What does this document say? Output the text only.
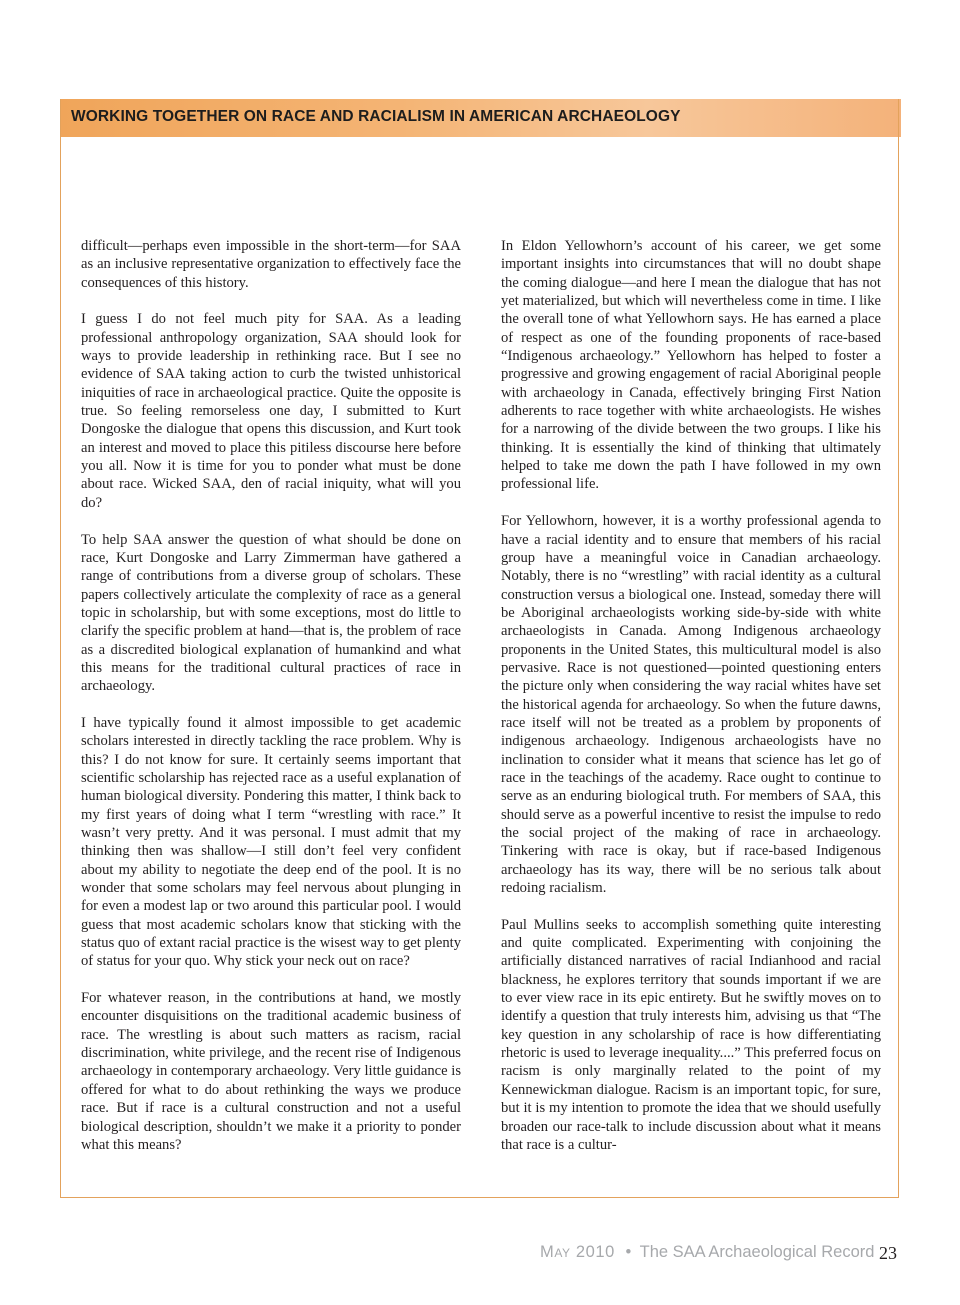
WORKING TOGETHER ON RACE AND RACIALISM IN AMERICAN ARCHAEOLOGY

difficult—perhaps even impossible in the short-term—for SAA as an inclusive representative organization to effectively face the consequences of this history.

I guess I do not feel much pity for SAA. As a leading professional anthropology organization, SAA should look for ways to provide leadership in rethinking race. But I see no evidence of SAA taking action to curb the twisted unhistorical iniquities of race in archaeological practice. Quite the opposite is true. So feeling remorseless one day, I submitted to Kurt Dongoske the dialogue that opens this discussion, and Kurt took an interest and moved to place this pitiless discourse here before you all. Now it is time for you to ponder what must be done about race. Wicked SAA, den of racial iniquity, what will you do?

To help SAA answer the question of what should be done on race, Kurt Dongoske and Larry Zimmerman have gathered a range of contributions from a diverse group of scholars. These papers collectively articulate the complexity of race as a general topic in scholarship, but with some exceptions, most do little to clarify the specific problem at hand—that is, the problem of race as a discredited biological explanation of humankind and what this means for the traditional cultural practices of race in archaeology.

I have typically found it almost impossible to get academic scholars interested in directly tackling the race problem. Why is this? I do not know for sure. It certainly seems important that scientific scholarship has rejected race as a useful explanation of human biological diversity. Pondering this matter, I think back to my first years of doing what I term “wrestling with race.” It wasn’t very pretty. And it was personal. I must admit that my thinking then was shallow—I still don’t feel very confident about my ability to negotiate the deep end of the pool. It is no wonder that some scholars may feel nervous about plunging in for even a modest lap or two around this particular pool. I would guess that most academic scholars know that sticking with the status quo of extant racial practice is the wisest way to get plenty of status for your quo. Why stick your neck out on race?

For whatever reason, in the contributions at hand, we mostly encounter disquisitions on the traditional academic business of race. The wrestling is about such matters as racism, racial discrimination, white privilege, and the recent rise of Indigenous archaeology in contemporary archaeology. Very little guidance is offered for what to do about rethinking the ways we produce race. But if race is a cultural construction and not a useful biological description, shouldn’t we make it a priority to ponder what this means?

In Eldon Yellowhorn’s account of his career, we get some important insights into circumstances that will no doubt shape the coming dialogue—and here I mean the dialogue that has not yet materialized, but which will nevertheless come in time. I like the overall tone of what Yellowhorn says. He has earned a place of respect as one of the founding proponents of race-based “Indigenous archaeology.” Yellowhorn has helped to foster a progressive and growing engagement of racial Aboriginal people with archaeology in Canada, effectively bringing First Nation adherents to race together with white archaeologists. He wishes for a narrowing of the divide between the two groups. I like his thinking. It is essentially the kind of thinking that ultimately helped to take me down the path I have followed in my own professional life.

For Yellowhorn, however, it is a worthy professional agenda to have a racial identity and to ensure that members of his racial group have a meaningful voice in Canadian archaeology. Notably, there is no “wrestling” with racial identity as a cultural construction versus a biological one. Instead, someday there will be Aboriginal archaeologists working side-by-side with white archaeologists in Canada. Among Indigenous archaeology proponents in the United States, this multicultural model is also pervasive. Race is not questioned—pointed questioning enters the picture only when considering the way racial whites have set the historical agenda for archaeology. So when the future dawns, race itself will not be treated as a problem by proponents of indigenous archaeology. Indigenous archaeologists have no inclination to consider what it means that science has let go of race in the teachings of the academy. Race ought to continue to serve as an enduring biological truth. For members of SAA, this should serve as a powerful incentive to resist the impulse to redo the social project of the making of race in archaeology. Tinkering with race is okay, but if race-based Indigenous archaeology has its way, there will be no serious talk about redoing racialism.

Paul Mullins seeks to accomplish something quite interesting and quite complicated. Experimenting with conjoining the artificially distanced narratives of racial Indianhood and racial blackness, he explores territory that sounds important if we are to ever view race in its epic entirety. But he swiftly moves on to identify a question that truly interests him, advising us that “The key question in any scholarship of race is how differentiating rhetoric is used to leverage inequality....” This preferred focus on racism is only marginally related to the point of my Kennewickman dialogue. Racism is an important topic, for sure, but it is my intention to promote the idea that we should usefully broaden our race-talk to include discussion about what it means that race is a cultur-

May 2010 • The SAA Archaeological Record 23
